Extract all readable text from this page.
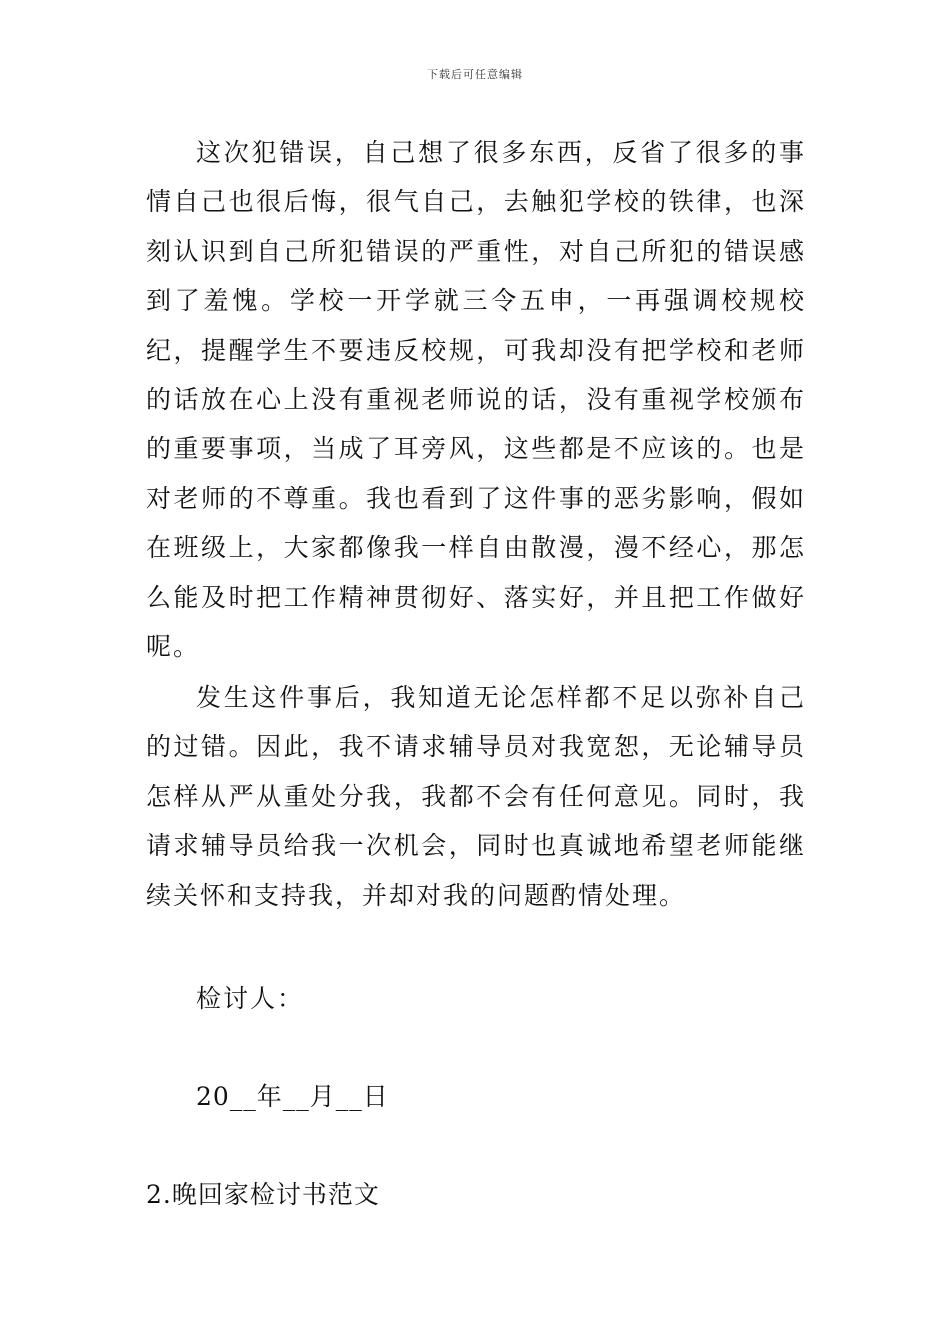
下载后可任意编辑

这次犯错误，自己想了很多东西，反省了很多的事情自己也很后悔，很气自己，去触犯学校的铁律，也深刻认识到自己所犯错误的严重性，对自己所犯的错误感到了羞愧。学校一开学就三令五申，一再强调校规校纪，提醒学生不要违反校规，可我却没有把学校和老师的话放在心上没有重视老师说的话，没有重视学校颁布的重要事项，当成了耳旁风，这些都是不应该的。也是对老师的不尊重。我也看到了这件事的恶劣影响，假如在班级上，大家都像我一样自由散漫，漫不经心，那怎么能及时把工作精神贯彻好、落实好，并且把工作做好呢。

发生这件事后，我知道无论怎样都不足以弥补自己的过错。因此，我不请求辅导员对我宽恕，无论辅导员怎样从严从重处分我，我都不会有任何意见。同时，我请求辅导员给我一次机会，同时也真诚地希望老师能继续关怀和支持我，并却对我的问题酌情处理。

检讨人：
20__年__月__日
2.晚回家检讨书范文
